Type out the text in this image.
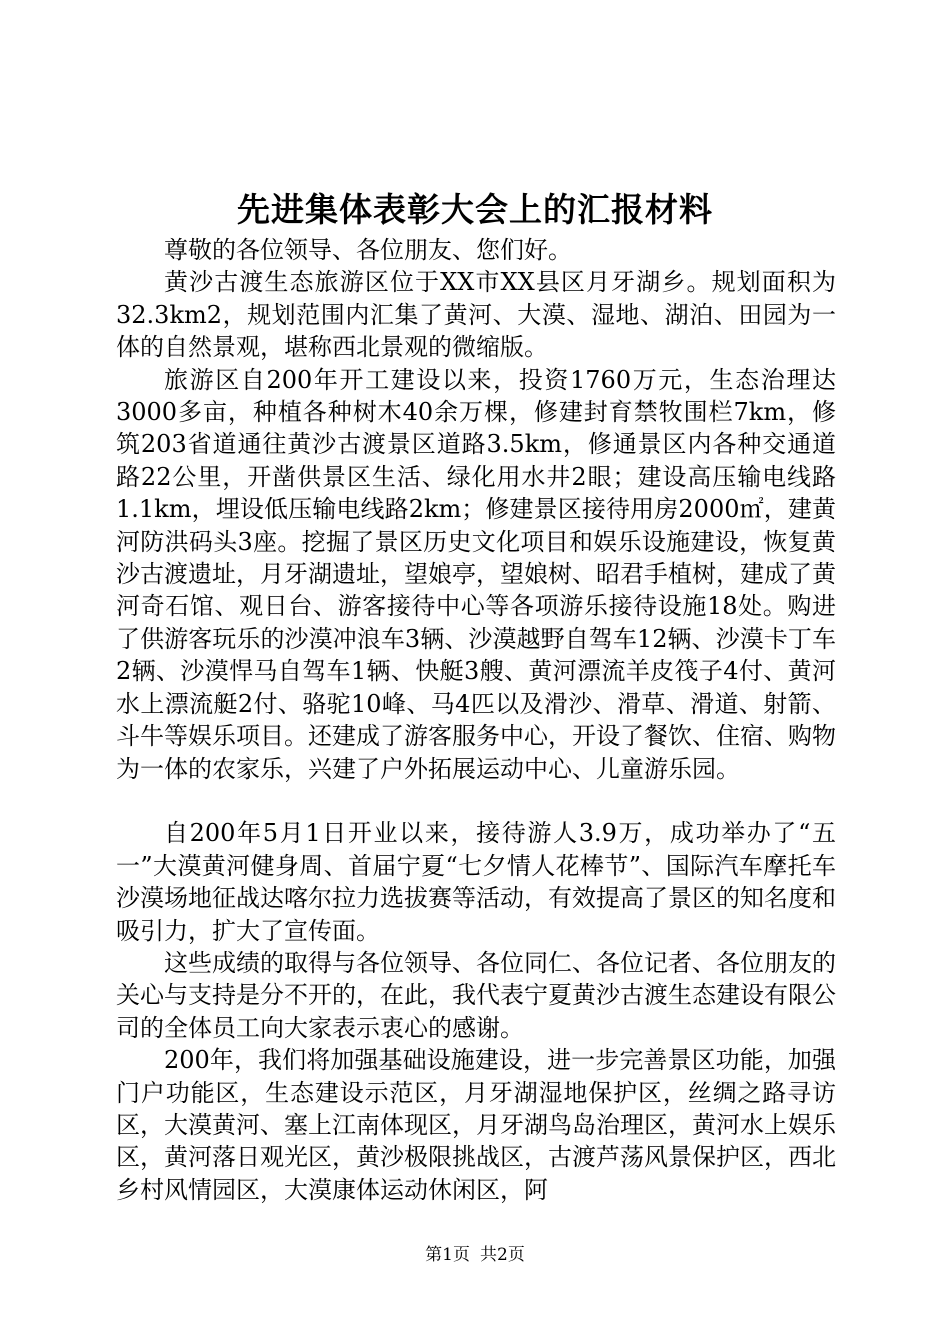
先进集体表彰大会上的汇报材料

尊敬的各位领导、各位朋友、您们好。

黄沙古渡生态旅游区位于XX市XX县区月牙湖乡。规划面积为32.3km2，规划范围内汇集了黄河、大漠、湿地、湖泊、田园为一体的自然景观，堪称西北景观的微缩版。

旅游区自200年开工建设以来，投资1760万元，生态治理达3000多亩，种植各种树木40余万棵，修建封育禁牧围栏7km，修筑203省道通往黄沙古渡景区道路3.5km，修通景区内各种交通道路22公里，开凿供景区生活、绿化用水井2眼；建设高压输电线路1.1km，埋设低压输电线路2km；修建景区接待用房2000㎡，建黄河防洪码头3座。挖掘了景区历史文化项目和娱乐设施建设，恢复黄沙古渡遗址，月牙湖遗址，望娘亭，望娘树、昭君手植树，建成了黄河奇石馆、观日台、游客接待中心等各项游乐接待设施18处。购进了供游客玩乐的沙漠冲浪车3辆、沙漠越野自驾车12辆、沙漠卡丁车2辆、沙漠悍马自驾车1辆、快艇3艘、黄河漂流羊皮筏子4付、黄河水上漂流艇2付、骆驼10峰、马4匹以及滑沙、滑草、滑道、射箭、斗牛等娱乐项目。还建成了游客服务中心，开设了餐饮、住宿、购物为一体的农家乐，兴建了户外拓展运动中心、儿童游乐园。

自200年5月1日开业以来，接待游人3.9万，成功举办了“五一”大漠黄河健身周、首届宁夏“七夕情人花棒节”、国际汽车摩托车沙漠场地征战达喀尔拉力选拔赛等活动，有效提高了景区的知名度和吸引力，扩大了宣传面。

这些成绩的取得与各位领导、各位同仁、各位记者、各位朋友的关心与支持是分不开的，在此，我代表宁夏黄沙古渡生态建设有限公司的全体员工向大家表示衷心的感谢。

200年，我们将加强基础设施建设，进一步完善景区功能，加强门户功能区，生态建设示范区，月牙湖湿地保护区，丝绸之路寻访区，大漠黄河、塞上江南体现区，月牙湖鸟岛治理区，黄河水上娱乐区，黄河落日观光区，黄沙极限挑战区，古渡芦荡风景保护区，西北乡村风情园区，大漠康体运动休闲区，阿

第1页 共2页
